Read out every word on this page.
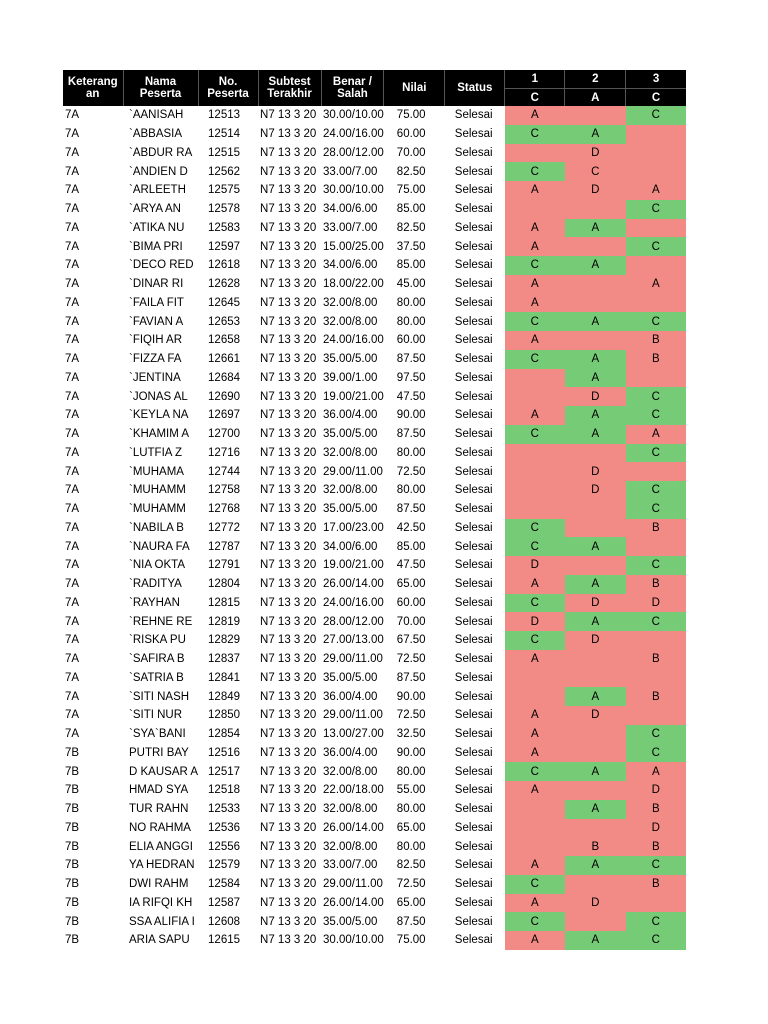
Keterang an	Nama Peserta	No. Peserta	Subtest Terakhir	Benar / Salah	Nilai	Status	1	2	3
							C	A	C
7A	`AANISAH	12513	N7 13 3 20	30.00/10.00	75.00	Selesai	A		C
7A	`ABBASIA	12514	N7 13 3 20	24.00/16.00	60.00	Selesai	C	A	
7A	`ABDUR RA	12515	N7 13 3 20	28.00/12.00	70.00	Selesai		D	
7A	`ANDIEN D	12562	N7 13 3 20	33.00/7.00	82.50	Selesai	C	C	
7A	`ARLEETH	12575	N7 13 3 20	30.00/10.00	75.00	Selesai	A	D	A
7A	`ARYA AN	12578	N7 13 3 20	34.00/6.00	85.00	Selesai			C
7A	`ATIKA NU	12583	N7 13 3 20	33.00/7.00	82.50	Selesai	A	A	
7A	`BIMA PRI	12597	N7 13 3 20	15.00/25.00	37.50	Selesai	A		C
7A	`DECO RED	12618	N7 13 3 20	34.00/6.00	85.00	Selesai	C	A	
7A	`DINAR RI	12628	N7 13 3 20	18.00/22.00	45.00	Selesai	A		A
7A	`FAILA FIT	12645	N7 13 3 20	32.00/8.00	80.00	Selesai	A		
7A	`FAVIAN A	12653	N7 13 3 20	32.00/8.00	80.00	Selesai	C	A	C
7A	`FIQIH AR	12658	N7 13 3 20	24.00/16.00	60.00	Selesai	A		B
7A	`FIZZA FA	12661	N7 13 3 20	35.00/5.00	87.50	Selesai	C	A	B
7A	`JENTINA	12684	N7 13 3 20	39.00/1.00	97.50	Selesai		A	
7A	`JONAS AL	12690	N7 13 3 20	19.00/21.00	47.50	Selesai		D	C
7A	`KEYLA NA	12697	N7 13 3 20	36.00/4.00	90.00	Selesai	A	A	C
7A	`KHAMIM A	12700	N7 13 3 20	35.00/5.00	87.50	Selesai	C	A	A
7A	`LUTFIA Z	12716	N7 13 3 20	32.00/8.00	80.00	Selesai			C
7A	`MUHAMA	12744	N7 13 3 20	29.00/11.00	72.50	Selesai		D	
7A	`MUHAMM	12758	N7 13 3 20	32.00/8.00	80.00	Selesai		D	C
7A	`MUHAMM	12768	N7 13 3 20	35.00/5.00	87.50	Selesai			C
7A	`NABILA B	12772	N7 13 3 20	17.00/23.00	42.50	Selesai	C		B
7A	`NAURA FA	12787	N7 13 3 20	34.00/6.00	85.00	Selesai	C	A	
7A	`NIA OKTA	12791	N7 13 3 20	19.00/21.00	47.50	Selesai	D		C
7A	`RADITYA	12804	N7 13 3 20	26.00/14.00	65.00	Selesai	A	A	B
7A	`RAYHAN	12815	N7 13 3 20	24.00/16.00	60.00	Selesai	C	D	D
7A	`REHNE RE	12819	N7 13 3 20	28.00/12.00	70.00	Selesai	D	A	C
7A	`RISKA PU	12829	N7 13 3 20	27.00/13.00	67.50	Selesai	C	D	
7A	`SAFIRA B	12837	N7 13 3 20	29.00/11.00	72.50	Selesai	A		B
7A	`SATRIA B	12841	N7 13 3 20	35.00/5.00	87.50	Selesai			
7A	`SITI NASH	12849	N7 13 3 20	36.00/4.00	90.00	Selesai		A	B
7A	`SITI NUR	12850	N7 13 3 20	29.00/11.00	72.50	Selesai	A	D	
7A	`SYA`BANI	12854	N7 13 3 20	13.00/27.00	32.50	Selesai	A		C
7B	PUTRI BAY	12516	N7 13 3 20	36.00/4.00	90.00	Selesai	A		C
7B	D KAUSAR A	12517	N7 13 3 20	32.00/8.00	80.00	Selesai	C	A	A
7B	HMAD SYA	12518	N7 13 3 20	22.00/18.00	55.00	Selesai	A		D
7B	TUR RAHN	12533	N7 13 3 20	32.00/8.00	80.00	Selesai		A	B
7B	NO RAHMA	12536	N7 13 3 20	26.00/14.00	65.00	Selesai			D
7B	ELIA ANGGI	12556	N7 13 3 20	32.00/8.00	80.00	Selesai		B	B
7B	YA HEDRAN	12579	N7 13 3 20	33.00/7.00	82.50	Selesai	A	A	C
7B	DWI RAHM	12584	N7 13 3 20	29.00/11.00	72.50	Selesai	C		B
7B	IA RIFQI KH	12587	N7 13 3 20	26.00/14.00	65.00	Selesai	A	D	
7B	SSA ALIFIA I	12608	N7 13 3 20	35.00/5.00	87.50	Selesai	C		C
7B	ARIA SAPU	12615	N7 13 3 20	30.00/10.00	75.00	Selesai	A	A	C
